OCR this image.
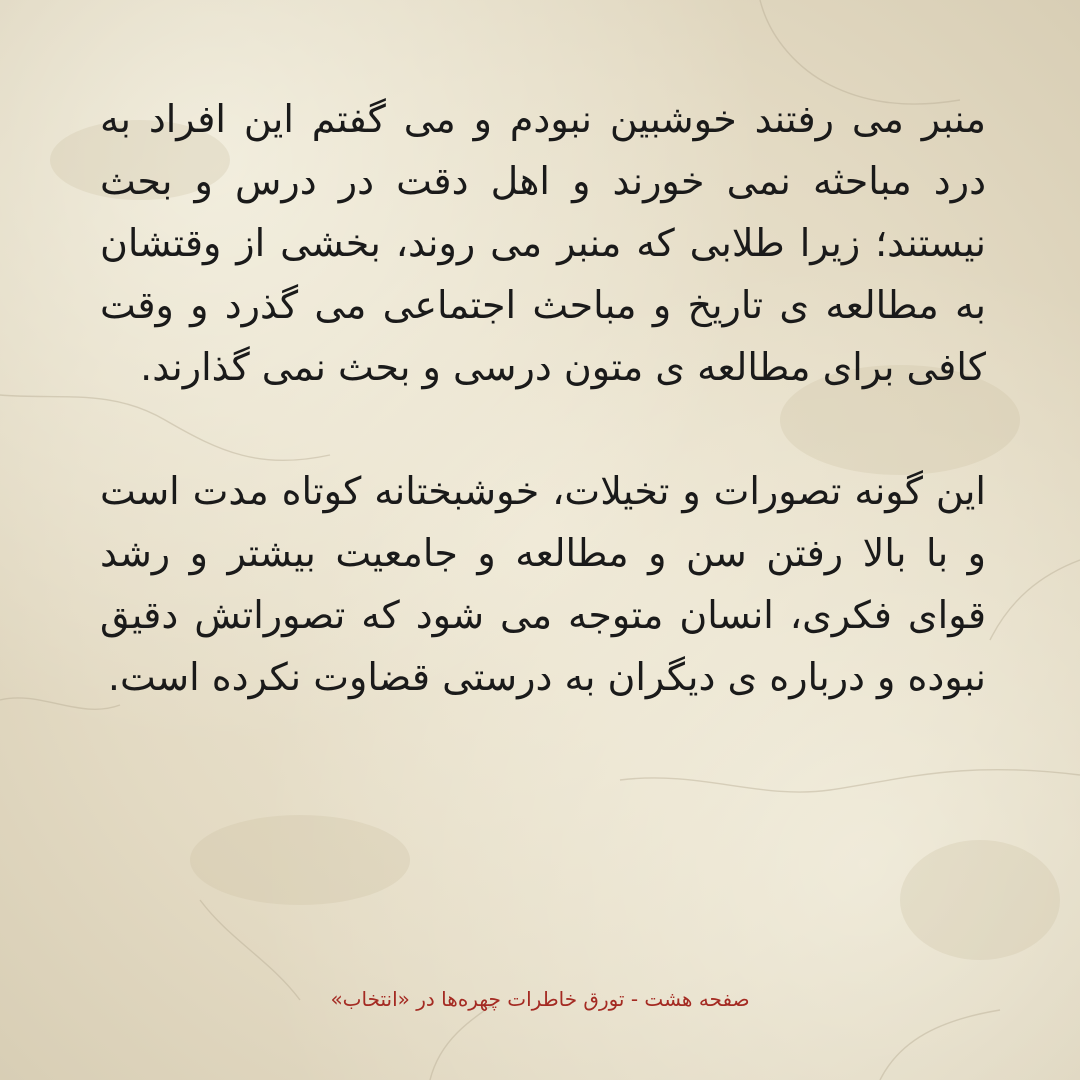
منبر می رفتند خوشبین نبودم و می گفتم این افراد به درد مباحثه نمی خورند و اهل دقت در درس و بحث نیستند؛ زیرا طلابی که منبر می روند، بخشی از وقتشان به مطالعه ی تاریخ و مباحث اجتماعی می گذرد و وقت کافی برای مطالعه ی متون درسی و بحث نمی گذارند.

این گونه تصورات و تخیلات، خوشبختانه کوتاه مدت است و با بالا رفتن سن و مطالعه و جامعیت بیشتر و رشد قوای فکری، انسان متوجه می شود که تصوراتش دقیق نبوده و درباره ی دیگران به درستی قضاوت نکرده است.

صفحه هشت - تورق خاطرات چهره‌ها در «انتخاب»
